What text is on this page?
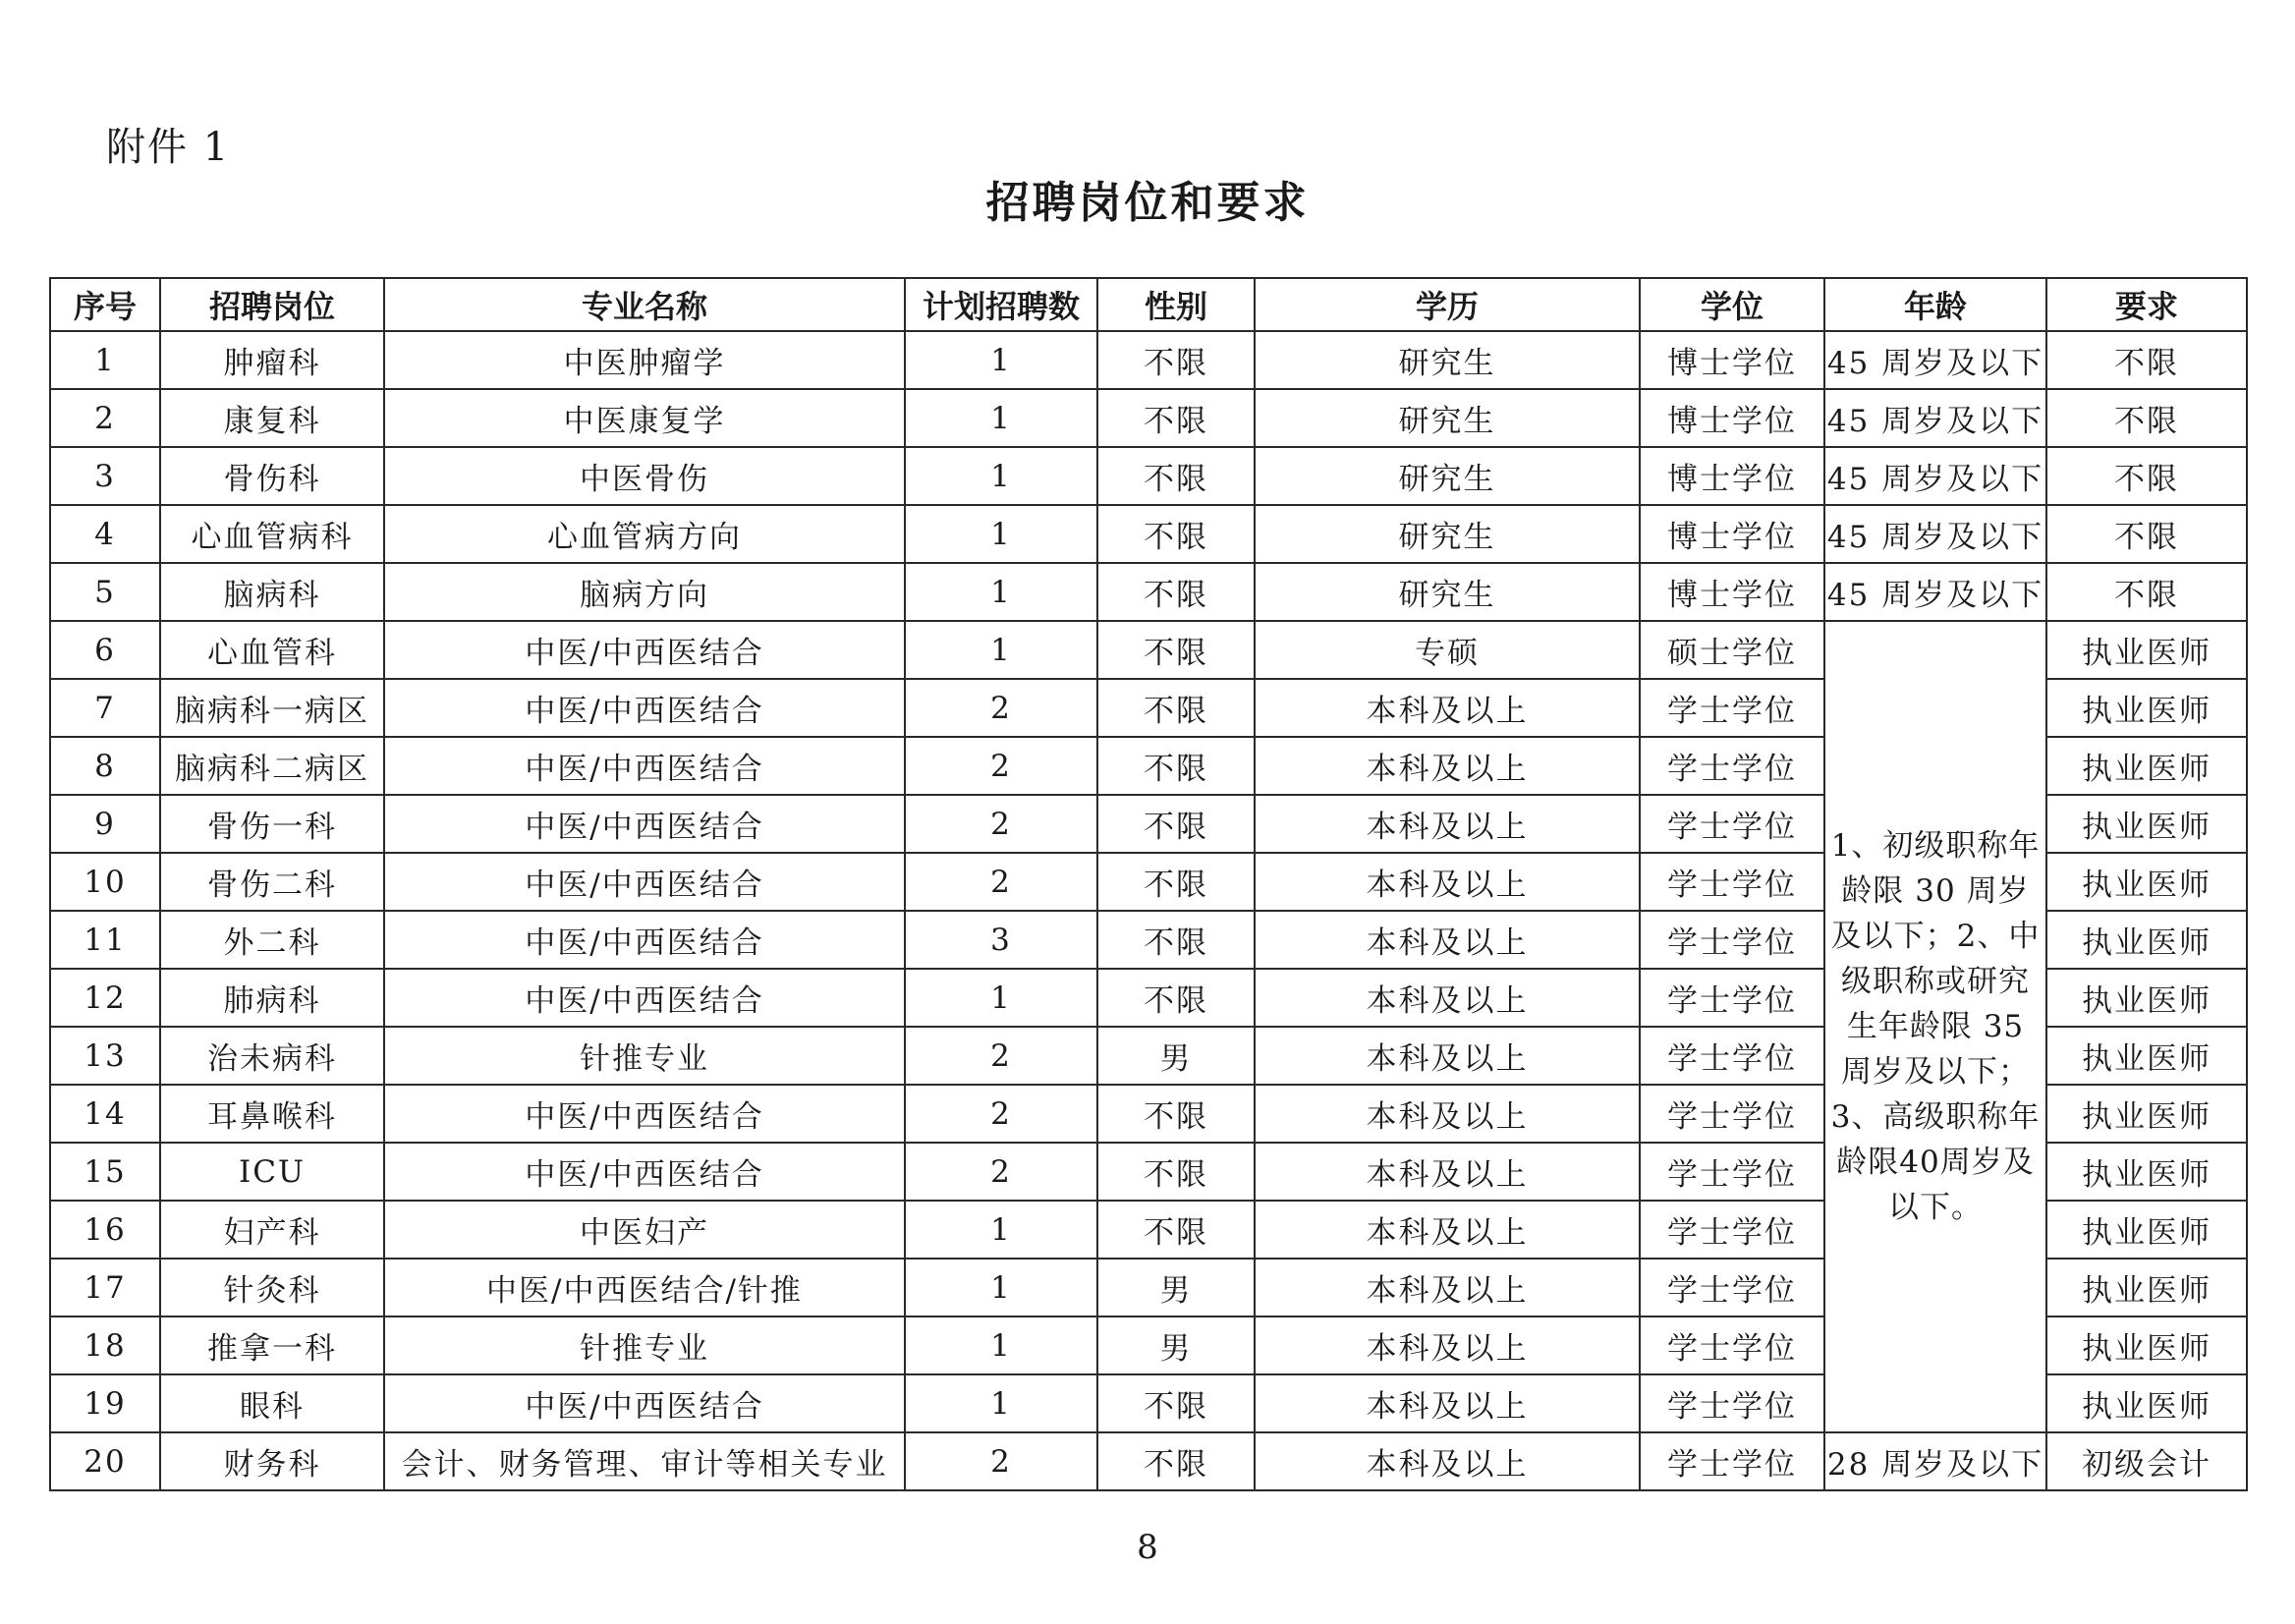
附件 1
招聘岗位和要求
序号	招聘岗位	专业名称	计划招聘数	性别	学历	学位	年龄	要求
1	肿瘤科	中医肿瘤学	1	不限	研究生	博士学位	45 周岁及以下	不限
2	康复科	中医康复学	1	不限	研究生	博士学位	45 周岁及以下	不限
3	骨伤科	中医骨伤	1	不限	研究生	博士学位	45 周岁及以下	不限
4	心血管病科	心血管病方向	1	不限	研究生	博士学位	45 周岁及以下	不限
5	脑病科	脑病方向	1	不限	研究生	博士学位	45 周岁及以下	不限
6	心血管科	中医/中西医结合	1	不限	专硕	硕士学位	1、初级职称年龄限 30 周岁及以下；2、中级职称或研究生年龄限 35 周岁及以下；3、高级职称年龄限40周岁及以下。	执业医师
7	脑病科一病区	中医/中西医结合	2	不限	本科及以上	学士学位		执业医师
8	脑病科二病区	中医/中西医结合	2	不限	本科及以上	学士学位		执业医师
9	骨伤一科	中医/中西医结合	2	不限	本科及以上	学士学位		执业医师
10	骨伤二科	中医/中西医结合	2	不限	本科及以上	学士学位		执业医师
11	外二科	中医/中西医结合	3	不限	本科及以上	学士学位		执业医师
12	肺病科	中医/中西医结合	1	不限	本科及以上	学士学位		执业医师
13	治未病科	针推专业	2	男	本科及以上	学士学位		执业医师
14	耳鼻喉科	中医/中西医结合	2	不限	本科及以上	学士学位		执业医师
15	ICU	中医/中西医结合	2	不限	本科及以上	学士学位		执业医师
16	妇产科	中医妇产	1	不限	本科及以上	学士学位		执业医师
17	针灸科	中医/中西医结合/针推	1	男	本科及以上	学士学位		执业医师
18	推拿一科	针推专业	1	男	本科及以上	学士学位		执业医师
19	眼科	中医/中西医结合	1	不限	本科及以上	学士学位		执业医师
20	财务科	会计、财务管理、审计等相关专业	2	不限	本科及以上	学士学位	28 周岁及以下	初级会计
8
